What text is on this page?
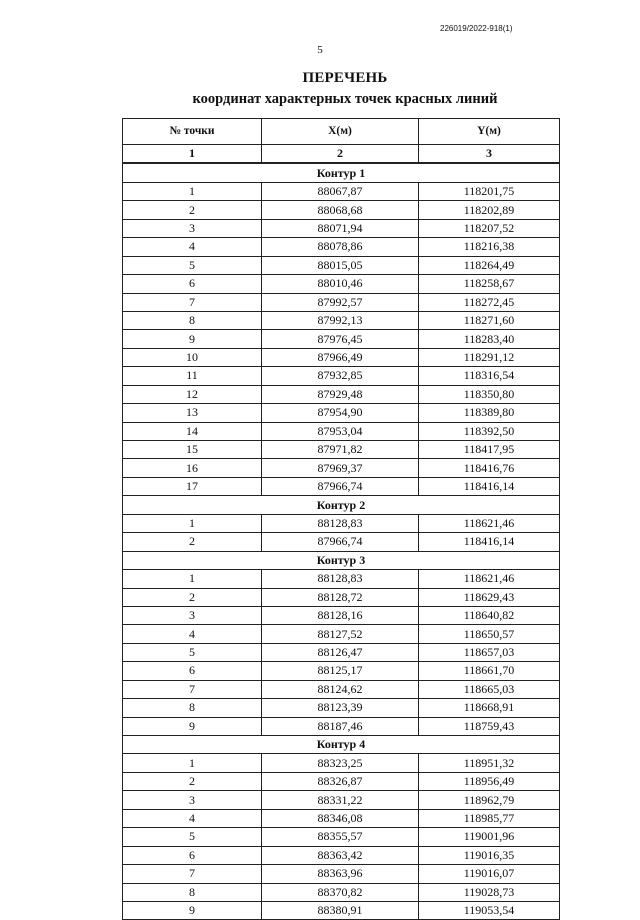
226019/2022-918(1)
5
ПЕРЕЧЕНЬ
координат характерных точек красных линий
№ точки	X(м)	Y(м)
1	2	3
Контур 1		
1	88067,87	118201,75
2	88068,68	118202,89
3	88071,94	118207,52
4	88078,86	118216,38
5	88015,05	118264,49
6	88010,46	118258,67
7	87992,57	118272,45
8	87992,13	118271,60
9	87976,45	118283,40
10	87966,49	118291,12
11	87932,85	118316,54
12	87929,48	118350,80
13	87954,90	118389,80
14	87953,04	118392,50
15	87971,82	118417,95
16	87969,37	118416,76
17	87966,74	118416,14
Контур 2		
1	88128,83	118621,46
2	87966,74	118416,14
Контур 3		
1	88128,83	118621,46
2	88128,72	118629,43
3	88128,16	118640,82
4	88127,52	118650,57
5	88126,47	118657,03
6	88125,17	118661,70
7	88124,62	118665,03
8	88123,39	118668,91
9	88187,46	118759,43
Контур 4		
1	88323,25	118951,32
2	88326,87	118956,49
3	88331,22	118962,79
4	88346,08	118985,77
5	88355,57	119001,96
6	88363,42	119016,35
7	88363,96	119016,07
8	88370,82	119028,73
9	88380,91	119053,54
